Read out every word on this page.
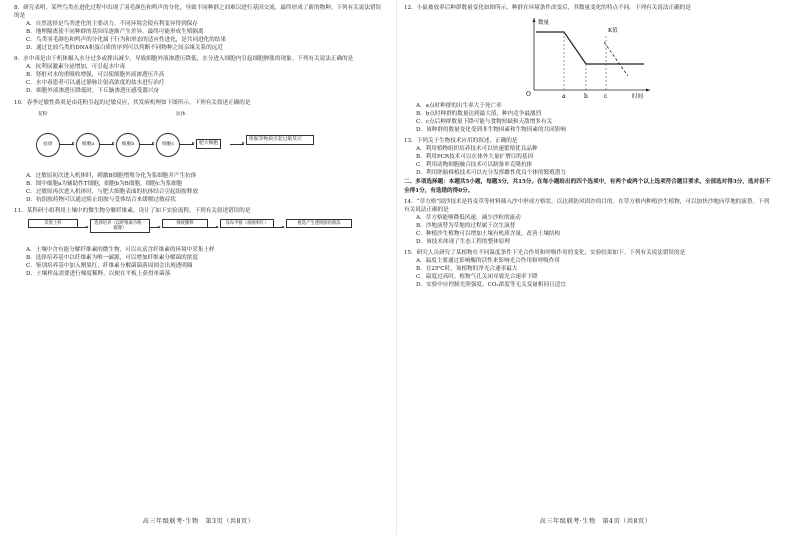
8．研究表明，某些鸟类在进化过程中出现了羽毛颜色和鸣声的分化，导致不同种群之间难以进行基因交流，最终形成了新的物种。下列有关说法错误的是

A．自然选择是鸟类进化的主要动力，不同环境会使有利变异得到保存

B．地理隔离使不同种群的基因库逐渐产生差异，最终可能形成生殖隔离

C．鸟类羽毛颜色和鸣声的分化属于行为和形态的适应性进化，是共同进化的结果

D．通过比较鸟类的DNA和蛋白质的序列可以判断不同物种之间亲缘关系的远近

9．水中毒是由于机体摄入水分过多或排出减少，导致细胞外液渗透压降低，水分进入细胞内引起细胞肿胀的现象。下列有关说法正确的是

A．抗利尿激素分泌增加，可引起水中毒

B．肾脏对水的重吸收增强，可以使细胞外液渗透压升高

C．水中毒患者可以通过静脉注射高浓度的盐水进行治疗

D．细胞外液渗透压降低时，下丘脑渗透压感受器兴奋

10．春季过敏性鼻炎是由花粉引起的过敏反应，其发病机理如下图所示。下列有关叙述正确的是

花粉
抗原	细胞a	细胞b	细胞c
抗体
肥大细胞
组胺等物质引起过敏反应

A．过敏原初次进入机体时，刺激B细胞增殖分化为浆细胞并产生抗体

B．图中细胞a为辅助性T细胞，细胞b为B细胞，细胞c为浆细胞

C．过敏原再次进入机体时，与肥大细胞表面的抗体结合引起组胺释放

D．抗组胺药物可以通过阻止组胺与受体结合来缓解过敏症状

11．某科研小组利用土壤中的微生物分解纤维素，设计了如下实验流程。下列有关叙述错误的是

采集土样	选择培养（以纤维素为唯一碳源）
梯度稀释	涂布平板（加刚果红）	挑选产生透明圈的菌落

A．土壤中含有能分解纤维素的微生物，可以从富含纤维素的环境中采集土样

B．选择培养基中以纤维素为唯一碳源，可以增加纤维素分解菌的浓度

C．鉴别培养基中加入刚果红，纤维素分解菌菌落周围会出现透明圈

D．土壤样品需要进行梯度稀释，以便在平板上获得单菌落

12．小鼠被放养后种群数量变化如图所示，种群在环境条件改变后，其数量变化的特点不同。下列有关说法正确的是

O	a	b	c
数量
时间
K值

A．a点时种群的出生率大于死亡率

B．b点时种群的数量达到最大值，种内竞争最激烈

C．c点后种群数量下降可能与食物短缺和天敌增多有关

D．该种群的数量变化受到非生物因素和生物因素的共同影响

13．下列关于生物技术应用的叙述，正确的是

A．利用植物组织培养技术可以快速繁殖优良品种

B．利用PCR技术可以在体外大量扩增目的基因

C．利用动物细胞融合技术可以制备单克隆抗体

D．利用胚胎移植技术可以充分发挥雌性优良个体的繁殖潜力

二、多项选择题：本题共5小题，每题3分，共15分。在每小题给出的四个选项中，有两个或两个以上选项符合题目要求。全部选对得3分，选对但不全得1分，有选错的得0分。

14．“草方格”固沙技术是将麦草等材料插入沙中形成方格状，以达到防风固沙的目的。在草方格内种植沙生植物，可以加快沙地向草地的演替。下列有关说法正确的是

A．草方格能够降低风速，减少沙粒的流动

B．沙地演替为草地的过程属于次生演替

C．种植沙生植物可以增加土壤有机质含量，改善土壤结构

D．该技术体现了生态工程的整体原理

15．研究人员研究了某植物在不同温度条件下光合作用和呼吸作用的变化，实验结果如下。下列有关说法错误的是

A．温度主要通过影响酶的活性来影响光合作用和呼吸作用

B．在25℃时，该植物的净光合速率最大

C．温度过高时，植物气孔关闭导致光合速率下降

D．实验中应控制光照强度、CO₂浓度等无关变量相同且适宜

高三年级联考·生物　第3页（共8页）	高三年级联考·生物　第4页（共8页）
